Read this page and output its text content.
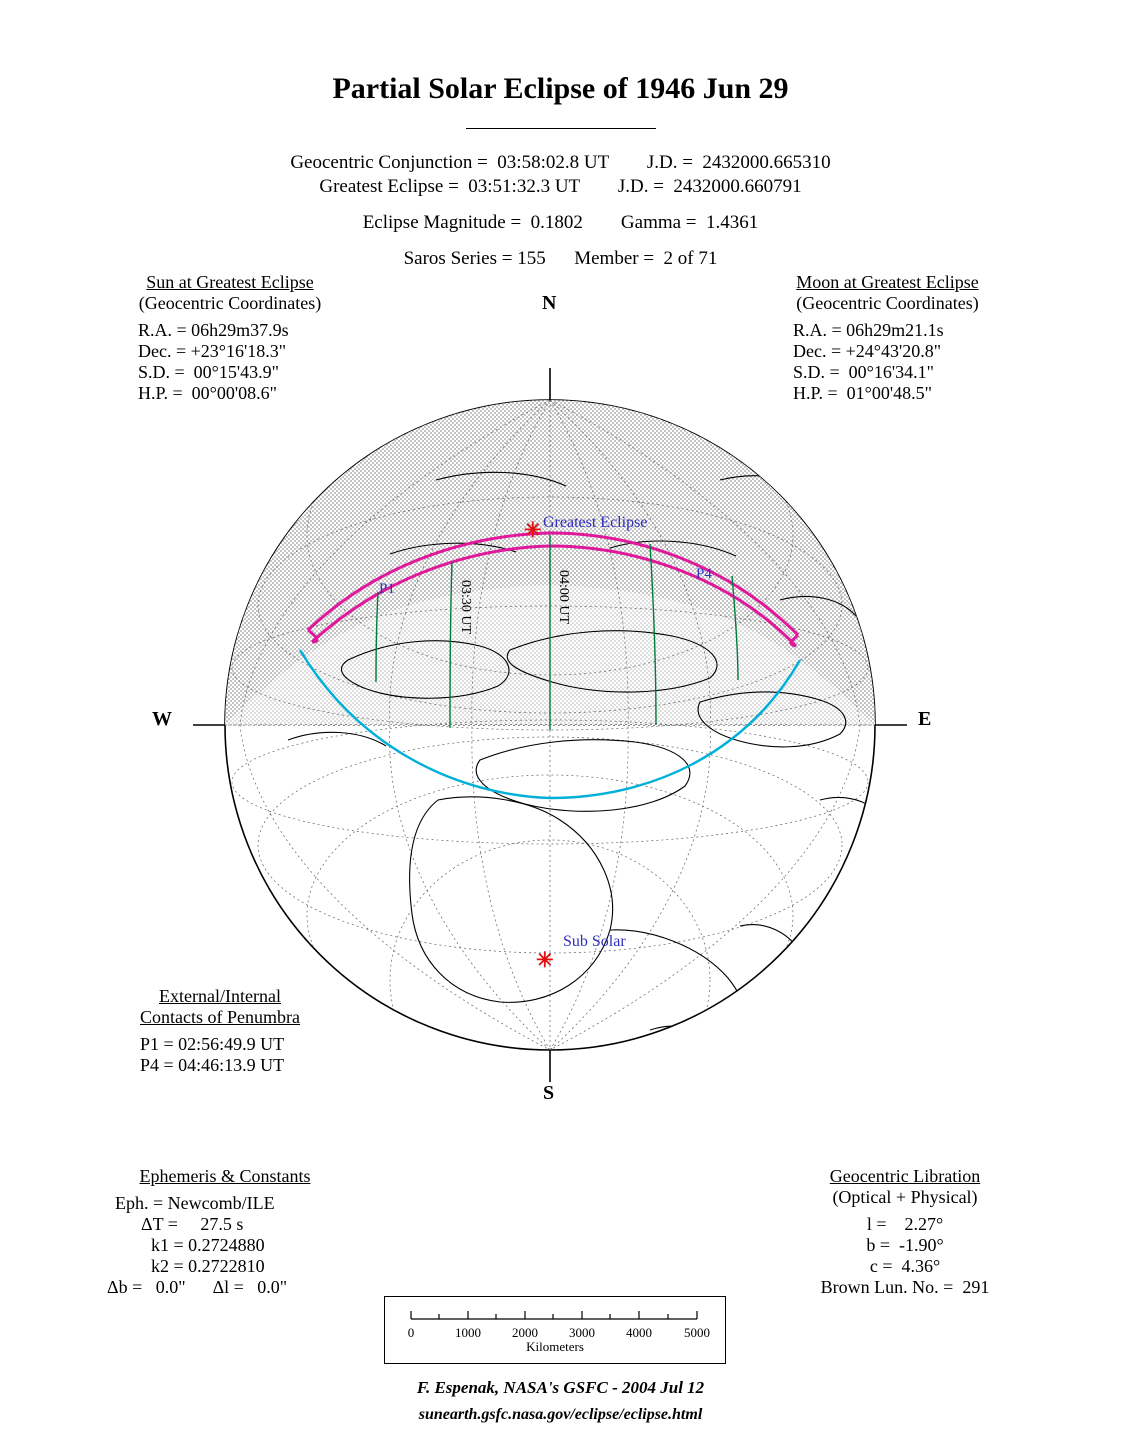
Partial Solar Eclipse of 1946 Jun 29
Geocentric Conjunction =  03:58:02.8 UT        J.D. =  2432000.665310
Greatest Eclipse =  03:51:32.3 UT        J.D. =  2432000.660791
Eclipse Magnitude =  0.1802        Gamma =  1.4361
Saros Series = 155      Member =  2 of 71
Sun at Greatest Eclipse
(Geocentric Coordinates)
R.A. = 06h29m37.9s
Dec. = +23°16'18.3"
S.D. =  00°15'43.9"
H.P. =  00°00'08.6"
Moon at Greatest Eclipse
(Geocentric Coordinates)
R.A. = 06h29m21.1s
Dec. = +24°43'20.8"
S.D. =  00°16'34.1"
H.P. =  01°00'48.5"
External/Internal
Contacts of Penumbra
P1 = 02:56:49.9 UT
P4 = 04:46:13.9 UT
Ephemeris & Constants
Eph. = Newcomb/ILE
ΔT =     27.5 s
k1 = 0.2724880
k2 = 0.2722810
Δb =   0.0"      Δl =   0.0"
Geocentric Libration
(Optical + Physical)
l =    2.27°
b =  -1.90°
c =  4.36°
Brown Lun. No. =  291
✳ Greatest Eclipse
✳
Sub Solar
P1
P4
03:30 UT	04:00 UT
N
S
W	E
0	1000	2000	3000	4000	5000
Kilometers
F. Espenak, NASA's GSFC - 2004 Jul 12
sunearth.gsfc.nasa.gov/eclipse/eclipse.html
